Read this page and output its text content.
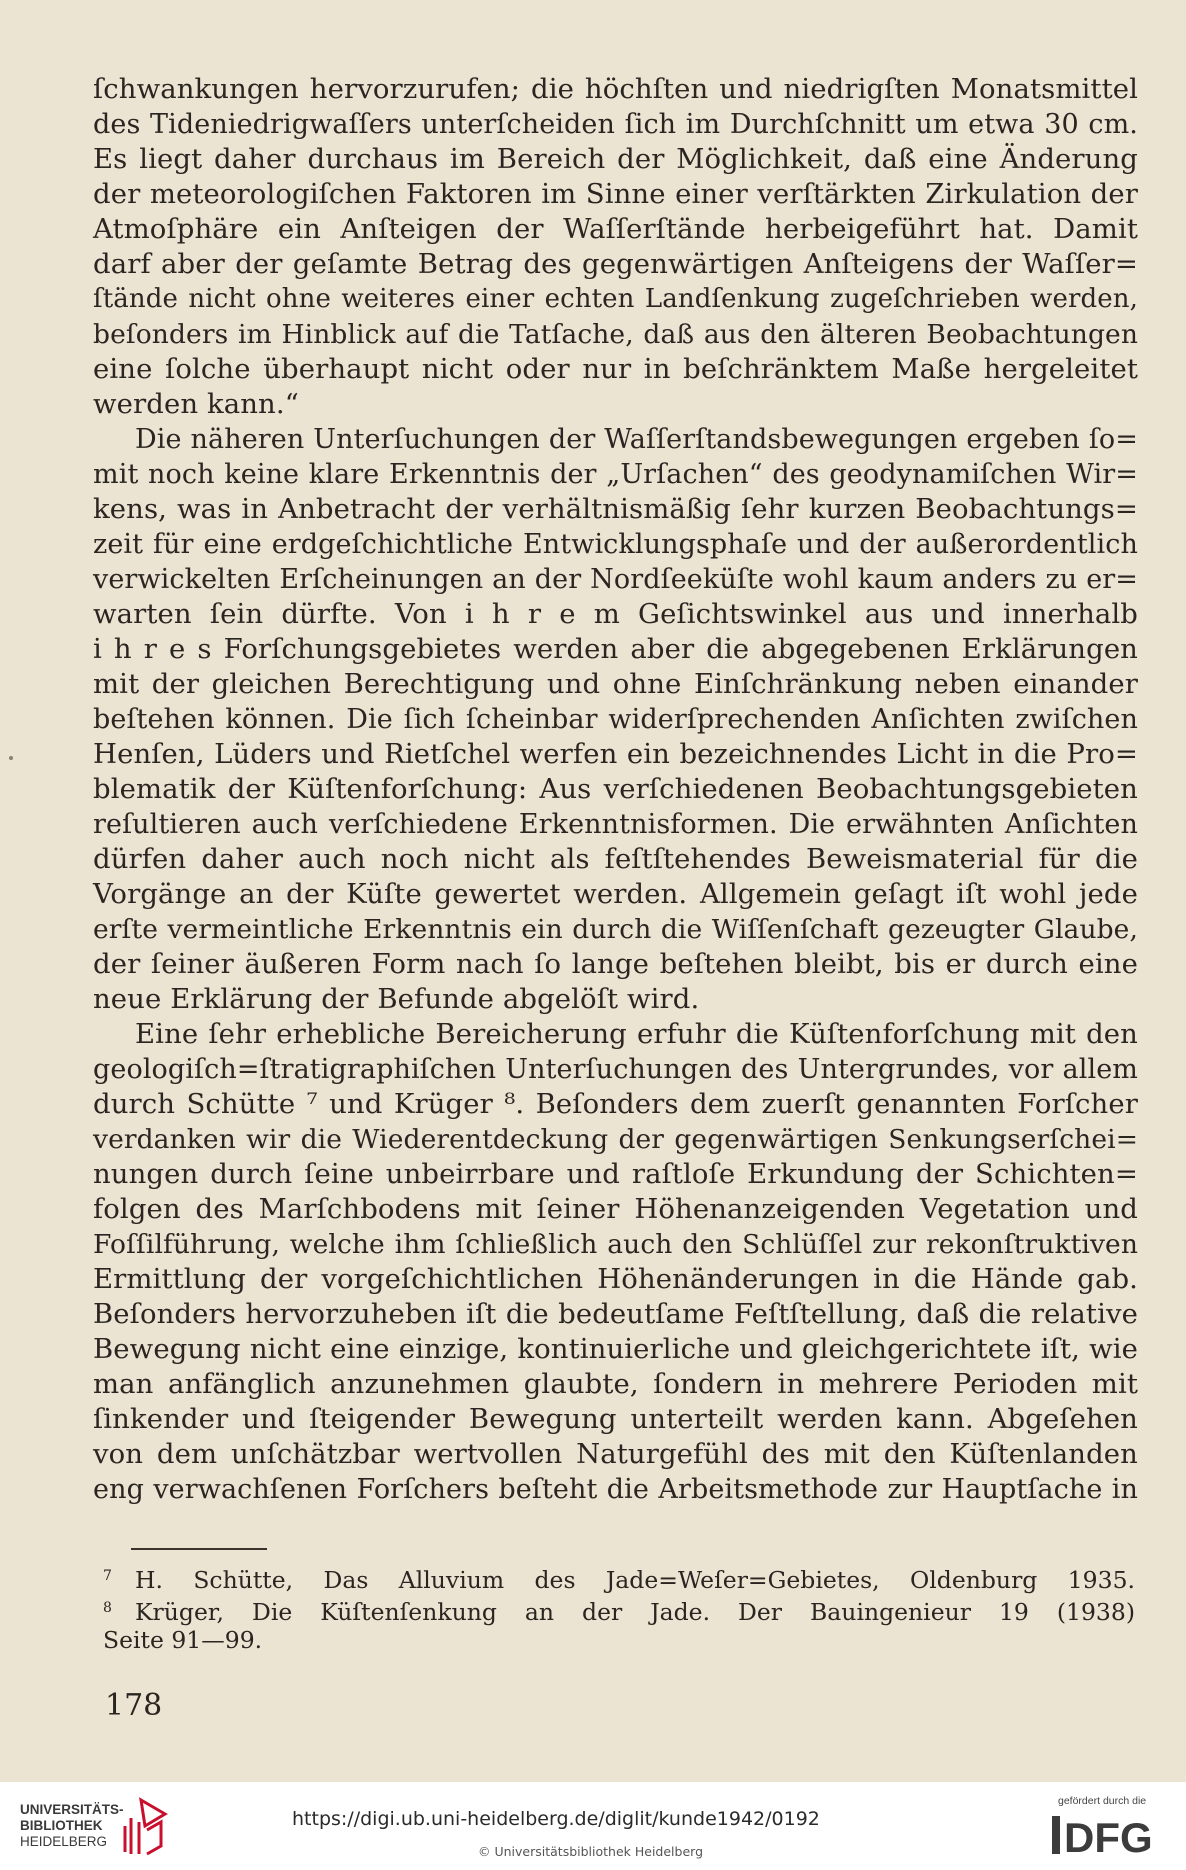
ſchwankungen hervorzurufen; die höchſten und niedrigſten Monatsmittel
des Tideniedrigwaſſers unterſcheiden ſich im Durchſchnitt um etwa 30 cm.
Es liegt daher durchaus im Bereich der Möglichkeit, daß eine Änderung
der meteorologiſchen Faktoren im Sinne einer verſtärkten Zirkulation der
Atmoſphäre ein Anſteigen der Waſſerſtände herbeigeführt hat. Damit
darf aber der geſamte Betrag des gegenwärtigen Anſteigens der Waſſer=
ſtände nicht ohne weiteres einer echten Landſenkung zugeſchrieben werden,
beſonders im Hinblick auf die Tatſache, daß aus den älteren Beobachtungen
eine ſolche überhaupt nicht oder nur in beſchränktem Maße hergeleitet
werden kann.“
Die näheren Unterſuchungen der Waſſerſtandsbewegungen ergeben ſo=
mit noch keine klare Erkenntnis der „Urſachen“ des geodynamiſchen Wir=
kens, was in Anbetracht der verhältnismäßig ſehr kurzen Beobachtungs=
zeit für eine erdgeſchichtliche Entwicklungsphaſe und der außerordentlich
verwickelten Erſcheinungen an der Nordſeeküſte wohl kaum anders zu er=
warten ſein dürfte. Von i h r e m Geſichtswinkel aus und innerhalb
i h r e s Forſchungsgebietes werden aber die abgegebenen Erklärungen
mit der gleichen Berechtigung und ohne Einſchränkung neben einander
beſtehen können. Die ſich ſcheinbar widerſprechenden Anſichten zwiſchen
Henſen, Lüders und Rietſchel werfen ein bezeichnendes Licht in die Pro=
blematik der Küſtenforſchung: Aus verſchiedenen Beobachtungsgebieten
reſultieren auch verſchiedene Erkenntnisformen. Die erwähnten Anſichten
dürfen daher auch noch nicht als feſtſtehendes Beweismaterial für die
Vorgänge an der Küſte gewertet werden. Allgemein geſagt iſt wohl jede
erſte vermeintliche Erkenntnis ein durch die Wiſſenſchaft gezeugter Glaube,
der ſeiner äußeren Form nach ſo lange beſtehen bleibt, bis er durch eine
neue Erklärung der Befunde abgelöſt wird.
Eine ſehr erhebliche Bereicherung erfuhr die Küſtenforſchung mit den
geologiſch=ſtratigraphiſchen Unterſuchungen des Untergrundes, vor allem
durch Schütte ⁷ und Krüger ⁸. Beſonders dem zuerſt genannten Forſcher
verdanken wir die Wiederentdeckung der gegenwärtigen Senkungserſchei=
nungen durch ſeine unbeirrbare und raſtloſe Erkundung der Schichten=
folgen des Marſchbodens mit ſeiner Höhenanzeigenden Vegetation und
Foſſilführung, welche ihm ſchließlich auch den Schlüſſel zur rekonſtruktiven
Ermittlung der vorgeſchichtlichen Höhenänderungen in die Hände gab.
Beſonders hervorzuheben iſt die bedeutſame Feſtſtellung, daß die relative
Bewegung nicht eine einzige, kontinuierliche und gleichgerichtete iſt, wie
man anfänglich anzunehmen glaubte, ſondern in mehrere Perioden mit
ſinkender und ſteigender Bewegung unterteilt werden kann. Abgeſehen
von dem unſchätzbar wertvollen Naturgefühl des mit den Küſtenlanden
eng verwachſenen Forſchers beſteht die Arbeitsmethode zur Hauptſache in
7 H. Schütte, Das Alluvium des Jade=Weſer=Gebietes, Oldenburg 1935.
8 Krüger, Die Küſtenſenkung an der Jade. Der Bauingenieur 19 (1938)
Seite 91—99.
178
UNIVERSITÄTS-
BIBLIOTHEK
HEIDELBERG
https://digi.ub.uni-heidelberg.de/diglit/kunde1942/0192
© Universitätsbibliothek Heidelberg
gefördert durch die
DFG
